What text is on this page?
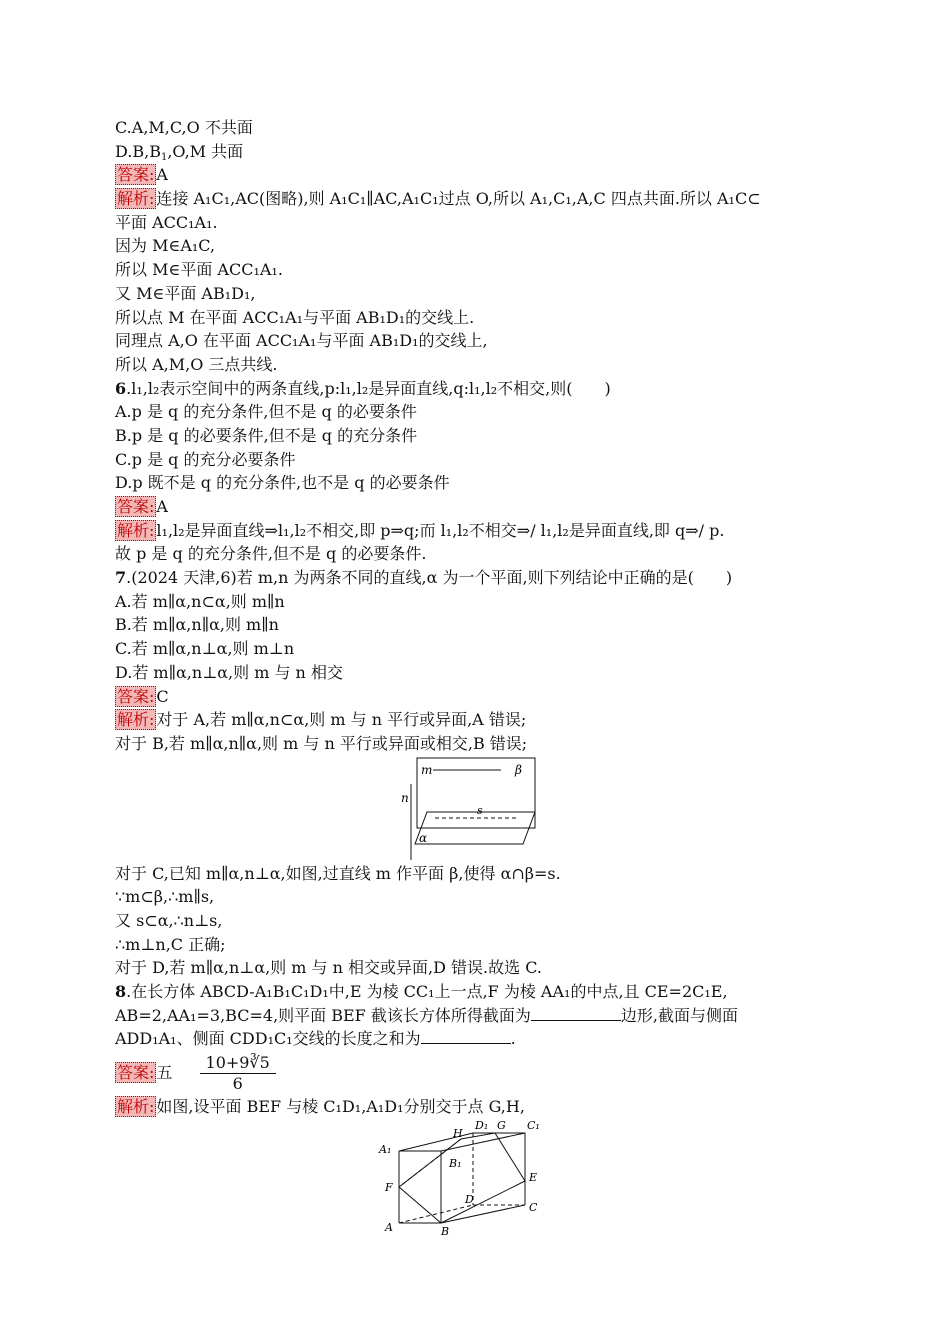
C.A,M,C,O 不共面
$D.B,B_1,O,M$ 共面
答案: A
解析: 连接 A₁C₁,AC(图略),则 A₁C₁∥AC,A₁C₁过点 O,所以 A₁,C₁,A,C 四点共面.所以 A₁C⊂
平面 ACC₁A₁.
因为 M∈A₁C,
所以 M∈平面 ACC₁A₁.
又 M∈平面 AB₁D₁,
所以点 M 在平面 ACC₁A₁与平面 AB₁D₁的交线上.
同理点 A,O 在平面 ACC₁A₁与平面 AB₁D₁的交线上,
所以 A,M,O 三点共线.
6.l₁,l₂表示空间中的两条直线,p:l₁,l₂是异面直线,q:l₁,l₂不相交,则(　　)
A.p 是 q 的充分条件,但不是 q 的必要条件
B.p 是 q 的必要条件,但不是 q 的充分条件
C.p 是 q 的充分必要条件
D.p 既不是 q 的充分条件,也不是 q 的必要条件
答案: A
解析: l₁,l₂是异面直线⇒l₁,l₂不相交,即 p⇒q;而 l₁,l₂不相交⇒/ l₁,l₂是异面直线,即 q⇒/ p.
故 p 是 q 的充分条件,但不是 q 的必要条件.
7.(2024 天津,6)若 m,n 为两条不同的直线,α 为一个平面,则下列结论中正确的是(　　)
A.若 m∥α,n⊂α,则 m∥n
B.若 m∥α,n∥α,则 m∥n
C.若 m∥α,n⊥α,则 m⊥n
D.若 m∥α,n⊥α,则 m 与 n 相交
答案: C
解析: 对于 A,若 m∥α,n⊂α,则 m 与 n 平行或异面,A 错误;
对于 B,若 m∥α,n∥α,则 m 与 n 平行或异面或相交,B 错误;
m	β
n
s
α
对于 C,已知 m∥α,n⊥α,如图,过直线 m 作平面 β,使得 α∩β=s.
∵m⊂β,∴m∥s,
又 s⊂α,∴n⊥s,
∴m⊥n,C 正确;
对于 D,若 m∥α,n⊥α,则 m 与 n 相交或异面,D 错误.故选 C.
8.在长方体 ABCD-A₁B₁C₁D₁中,E 为棱 CC₁上一点,F 为棱 AA₁的中点,且 CE=2C₁E,
AB=2,AA₁=3,BC=4,则平面 BEF 截该长方体所得截面为	边形,截面与侧面
ADD₁A₁、侧面 CDD₁C₁交线的长度之和为	.
答案: 五 $\frac{10+9∛5}{6}$
解析: 如图,设平面 BEF 与棱 C₁D₁,A₁D₁分别交于点 G,H,
A₁
H
D₁ G C₁
B₁
E
F
D
C
A	B
